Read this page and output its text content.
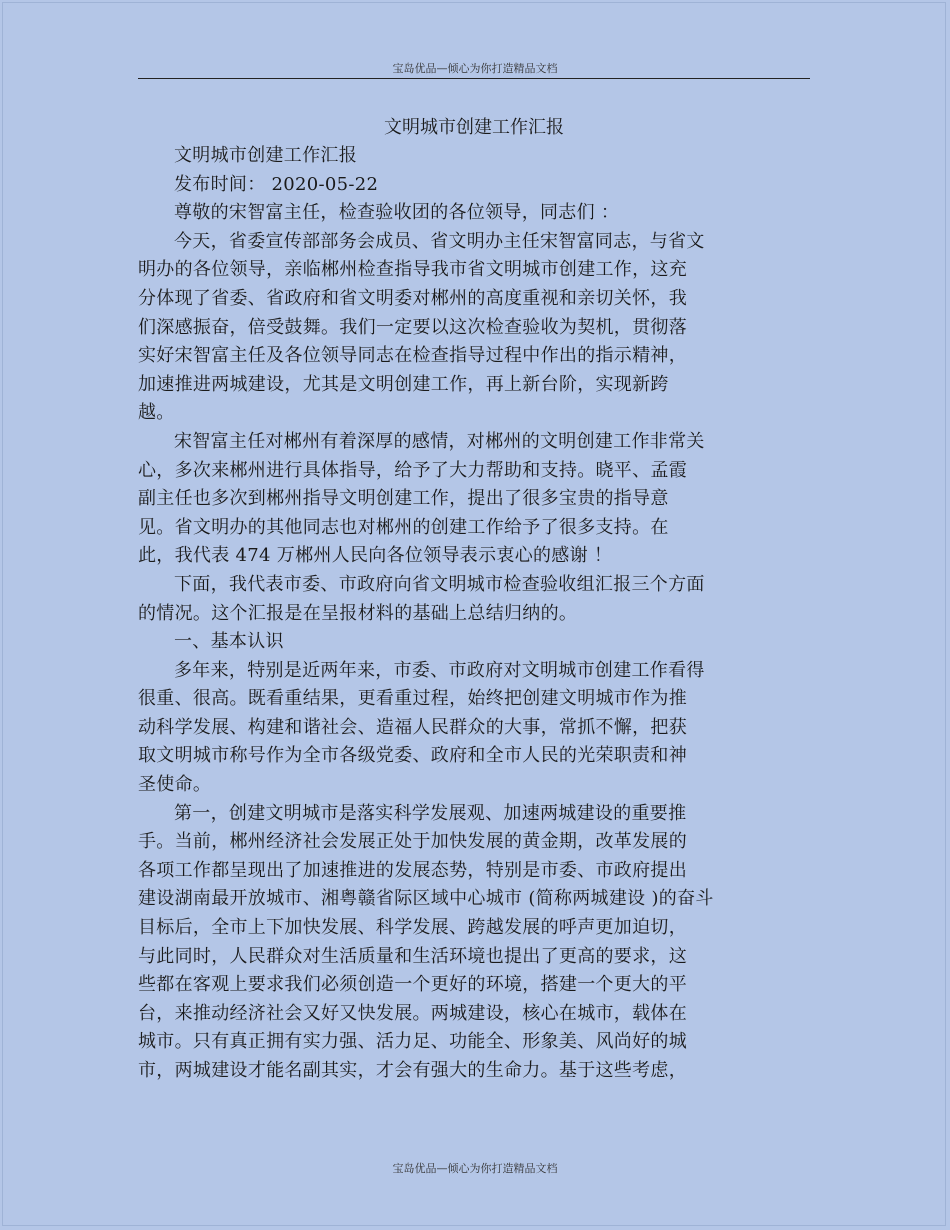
宝岛优品—倾心为你打造精品文档
文明城市创建工作汇报

文明城市创建工作汇报

发布时间： 2020-05-22

尊敬的宋智富主任，检查验收团的各位领导，同志们 ：

今天，省委宣传部部务会成员、省文明办主任宋智富同志，与省文
明办的各位领导，亲临郴州检查指导我市省文明城市创建工作，这充
分体现了省委、省政府和省文明委对郴州的高度重视和亲切关怀，我
们深感振奋，倍受鼓舞。我们一定要以这次检查验收为契机，贯彻落
实好宋智富主任及各位领导同志在检查指导过程中作出的指示精神，
加速推进两城建设，尤其是文明创建工作，再上新台阶，实现新跨
越。

宋智富主任对郴州有着深厚的感情，对郴州的文明创建工作非常关
心，多次来郴州进行具体指导，给予了大力帮助和支持。晓平、孟霞
副主任也多次到郴州指导文明创建工作，提出了很多宝贵的指导意
见。省文明办的其他同志也对郴州的创建工作给予了很多支持。在
此，我代表 474 万郴州人民向各位领导表示衷心的感谢 ！

下面，我代表市委、市政府向省文明城市检查验收组汇报三个方面
的情况。这个汇报是在呈报材料的基础上总结归纳的。

一、基本认识

多年来，特别是近两年来，市委、市政府对文明城市创建工作看得
很重、很高。既看重结果，更看重过程，始终把创建文明城市作为推
动科学发展、构建和谐社会、造福人民群众的大事，常抓不懈，把获
取文明城市称号作为全市各级党委、政府和全市人民的光荣职责和神
圣使命。

第一，创建文明城市是落实科学发展观、加速两城建设的重要推
手。当前，郴州经济社会发展正处于加快发展的黄金期，改革发展的
各项工作都呈现出了加速推进的发展态势，特别是市委、市政府提出
建设湖南最开放城市、湘粤赣省际区域中心城市 (简称两城建设 )的奋斗
目标后，全市上下加快发展、科学发展、跨越发展的呼声更加迫切，
与此同时，人民群众对生活质量和生活环境也提出了更高的要求，这
些都在客观上要求我们必须创造一个更好的环境，搭建一个更大的平
台，来推动经济社会又好又快发展。两城建设，核心在城市，载体在
城市。只有真正拥有实力强、活力足、功能全、形象美、风尚好的城
市，两城建设才能名副其实，才会有强大的生命力。基于这些考虑，

宝岛优品—倾心为你打造精品文档
